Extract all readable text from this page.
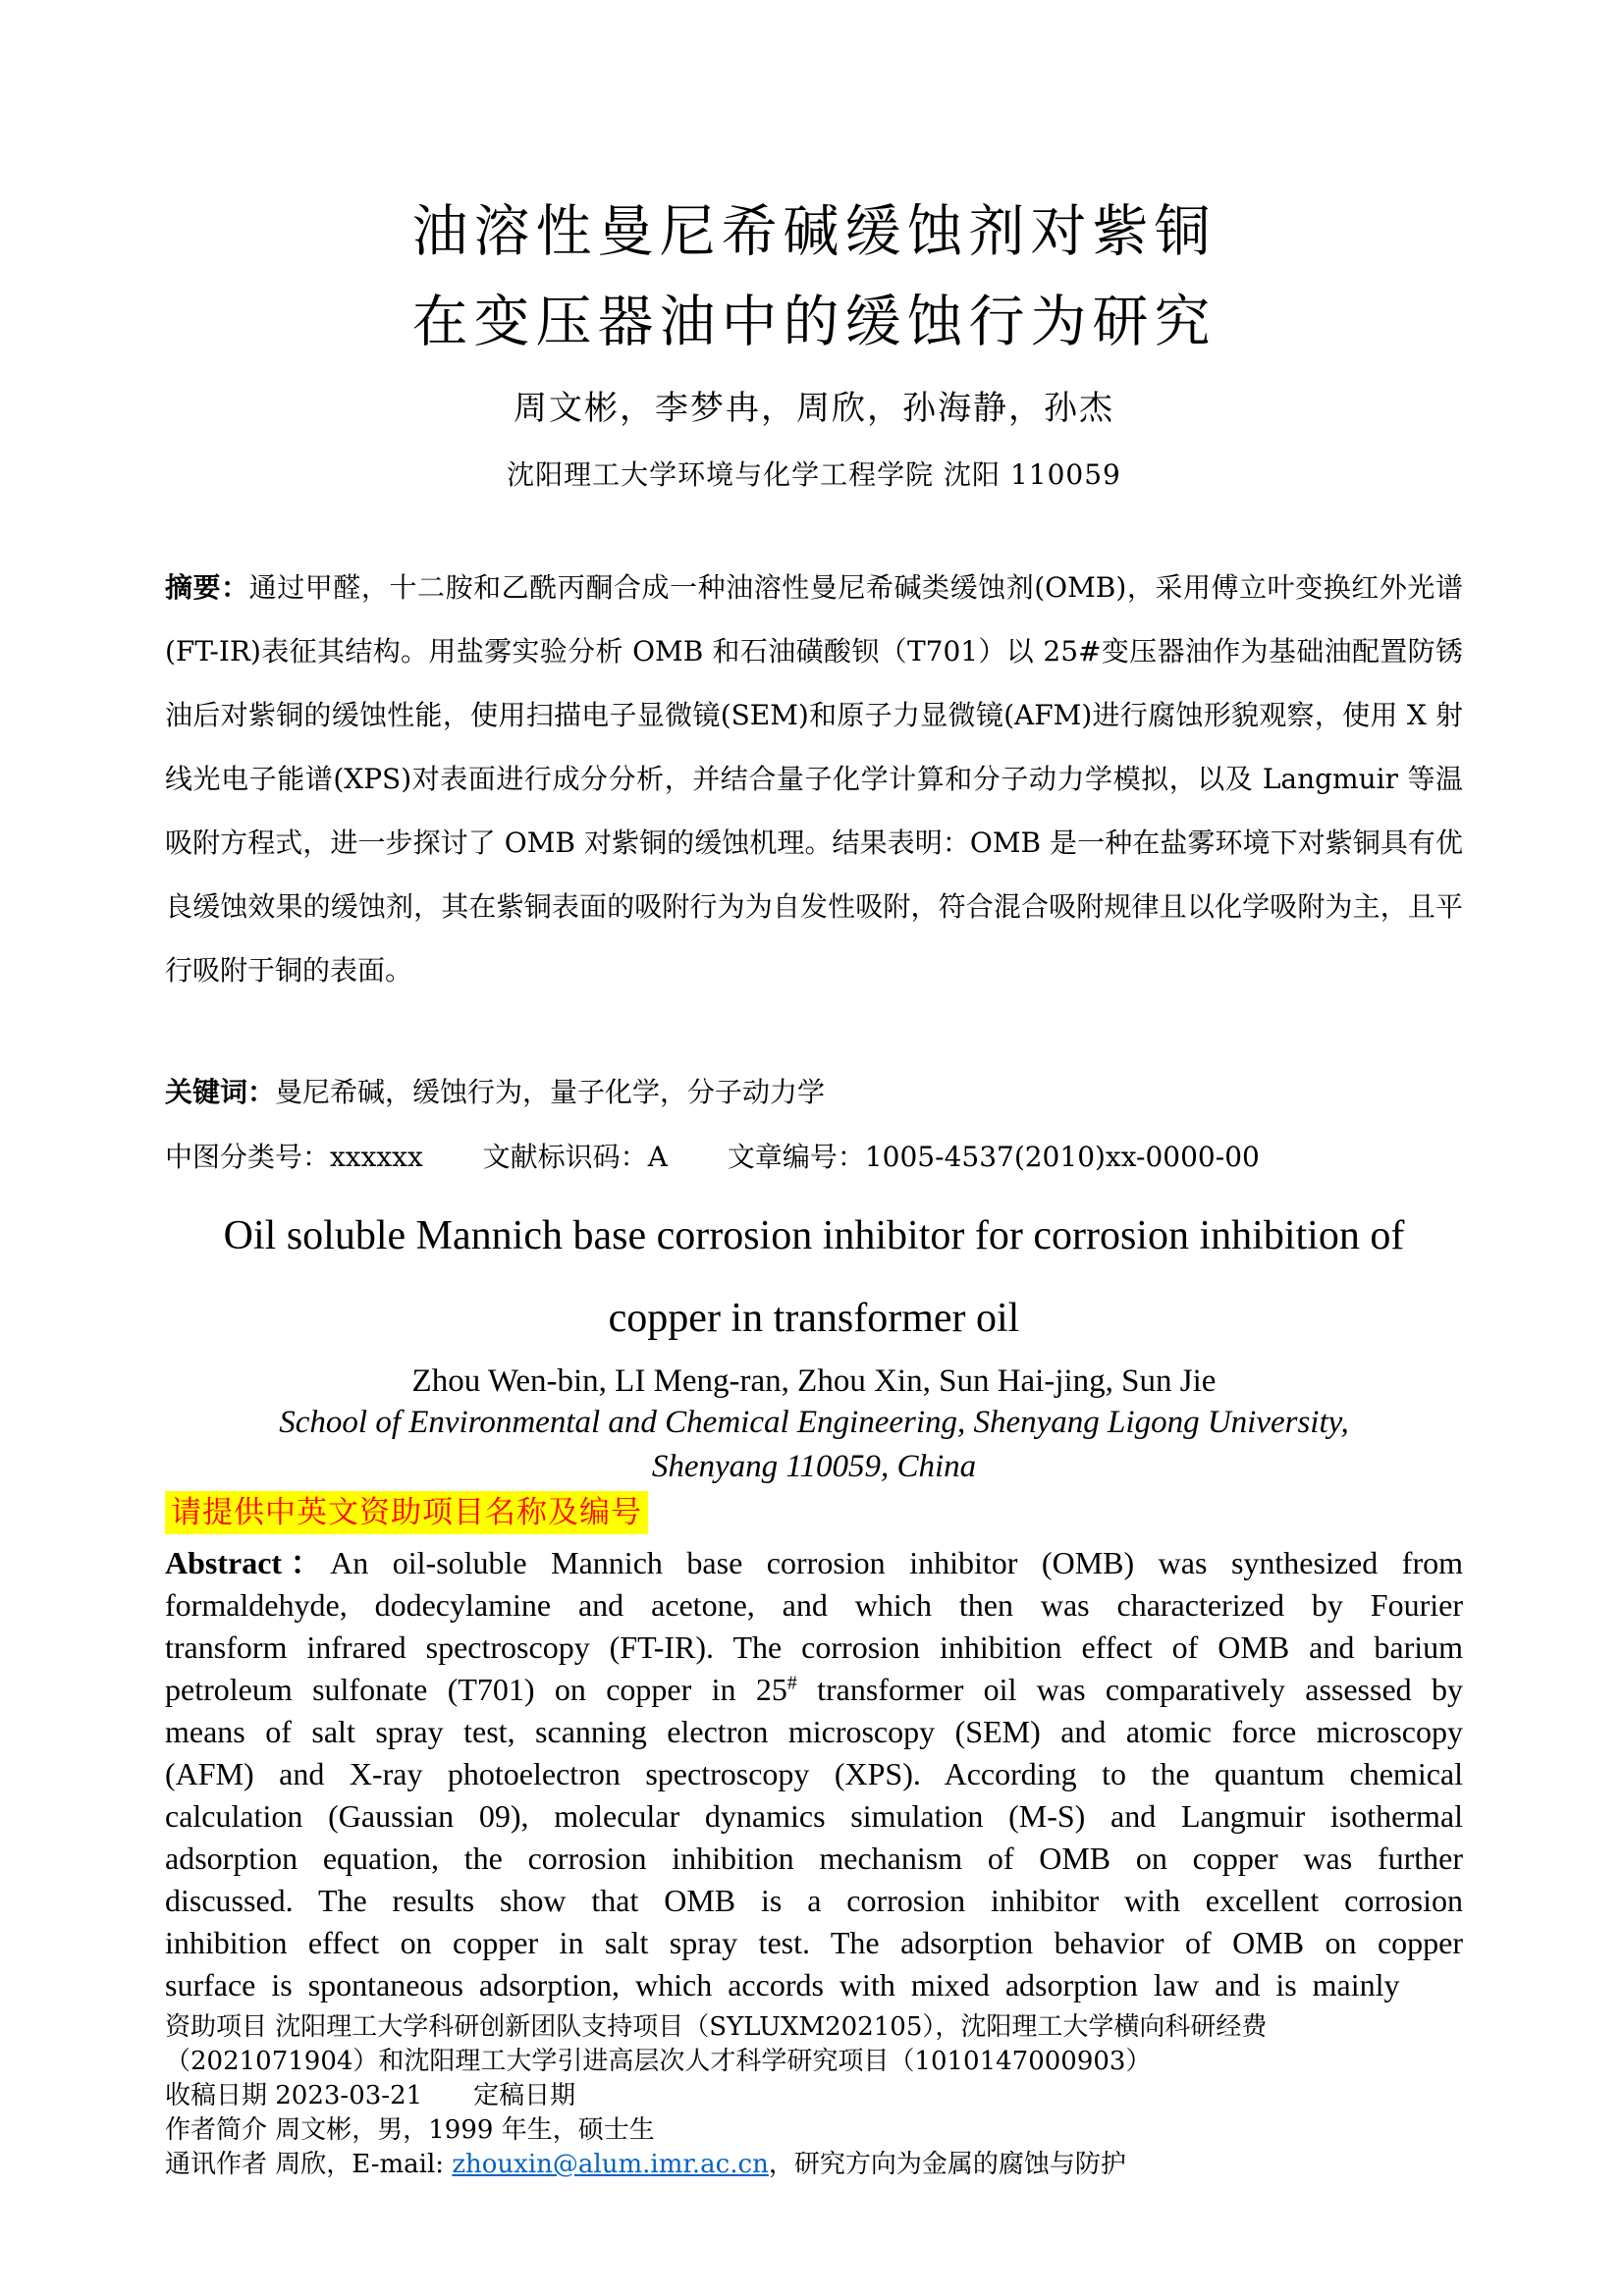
油溶性曼尼希碱缓蚀剂对紫铜
在变压器油中的缓蚀行为研究
周文彬，李梦冉，周欣，孙海静，孙杰
沈阳理工大学环境与化学工程学院 沈阳 110059
摘要：通过甲醛，十二胺和乙酰丙酮合成一种油溶性曼尼希碱类缓蚀剂(OMB)，采用傅立叶变换红外光谱(FT-IR)表征其结构。用盐雾实验分析 OMB 和石油磺酸钡（T701）以 25#变压器油作为基础油配置防锈油后对紫铜的缓蚀性能，使用扫描电子显微镜(SEM)和原子力显微镜(AFM)进行腐蚀形貌观察，使用 X 射线光电子能谱(XPS)对表面进行成分分析，并结合量子化学计算和分子动力学模拟，以及 Langmuir 等温吸附方程式，进一步探讨了 OMB 对紫铜的缓蚀机理。结果表明：OMB 是一种在盐雾环境下对紫铜具有优良缓蚀效果的缓蚀剂，其在紫铜表面的吸附行为为自发性吸附，符合混合吸附规律且以化学吸附为主，且平行吸附于铜的表面。
关键词：曼尼希碱，缓蚀行为，量子化学，分子动力学
中图分类号：xxxxxx 文献标识码：A 文章编号：1005-4537(2010)xx-0000-00
Oil soluble Mannich base corrosion inhibitor for corrosion inhibition of
copper in transformer oil
Zhou Wen-bin, LI Meng-ran, Zhou Xin, Sun Hai-jing, Sun Jie
School of Environmental and Chemical Engineering, Shenyang Ligong University,
Shenyang 110059, China
请提供中英文资助项目名称及编号
Abstract：An oil-soluble Mannich base corrosion inhibitor (OMB) was synthesized from formaldehyde, dodecylamine and acetone, and which then was characterized by Fourier transform infrared spectroscopy (FT-IR). The corrosion inhibition effect of OMB and barium petroleum sulfonate (T701) on copper in 25# transformer oil was comparatively assessed by means of salt spray test, scanning electron microscopy (SEM) and atomic force microscopy (AFM) and X-ray photoelectron spectroscopy (XPS). According to the quantum chemical calculation (Gaussian 09), molecular dynamics simulation (M-S) and Langmuir isothermal adsorption equation, the corrosion inhibition mechanism of OMB on copper was further discussed. The results show that OMB is a corrosion inhibitor with excellent corrosion inhibition effect on copper in salt spray test. The adsorption behavior of OMB on copper surface is spontaneous adsorption, which accords with mixed adsorption law and is mainly
资助项目 沈阳理工大学科研创新团队支持项目（SYLUXM202105），沈阳理工大学横向科研经费
（2021071904）和沈阳理工大学引进高层次人才科学研究项目（1010147000903）
收稿日期 2023-03-21　　定稿日期
作者简介 周文彬，男，1999 年生，硕士生
通讯作者 周欣，E-mail: zhouxin@alum.imr.ac.cn，研究方向为金属的腐蚀与防护
